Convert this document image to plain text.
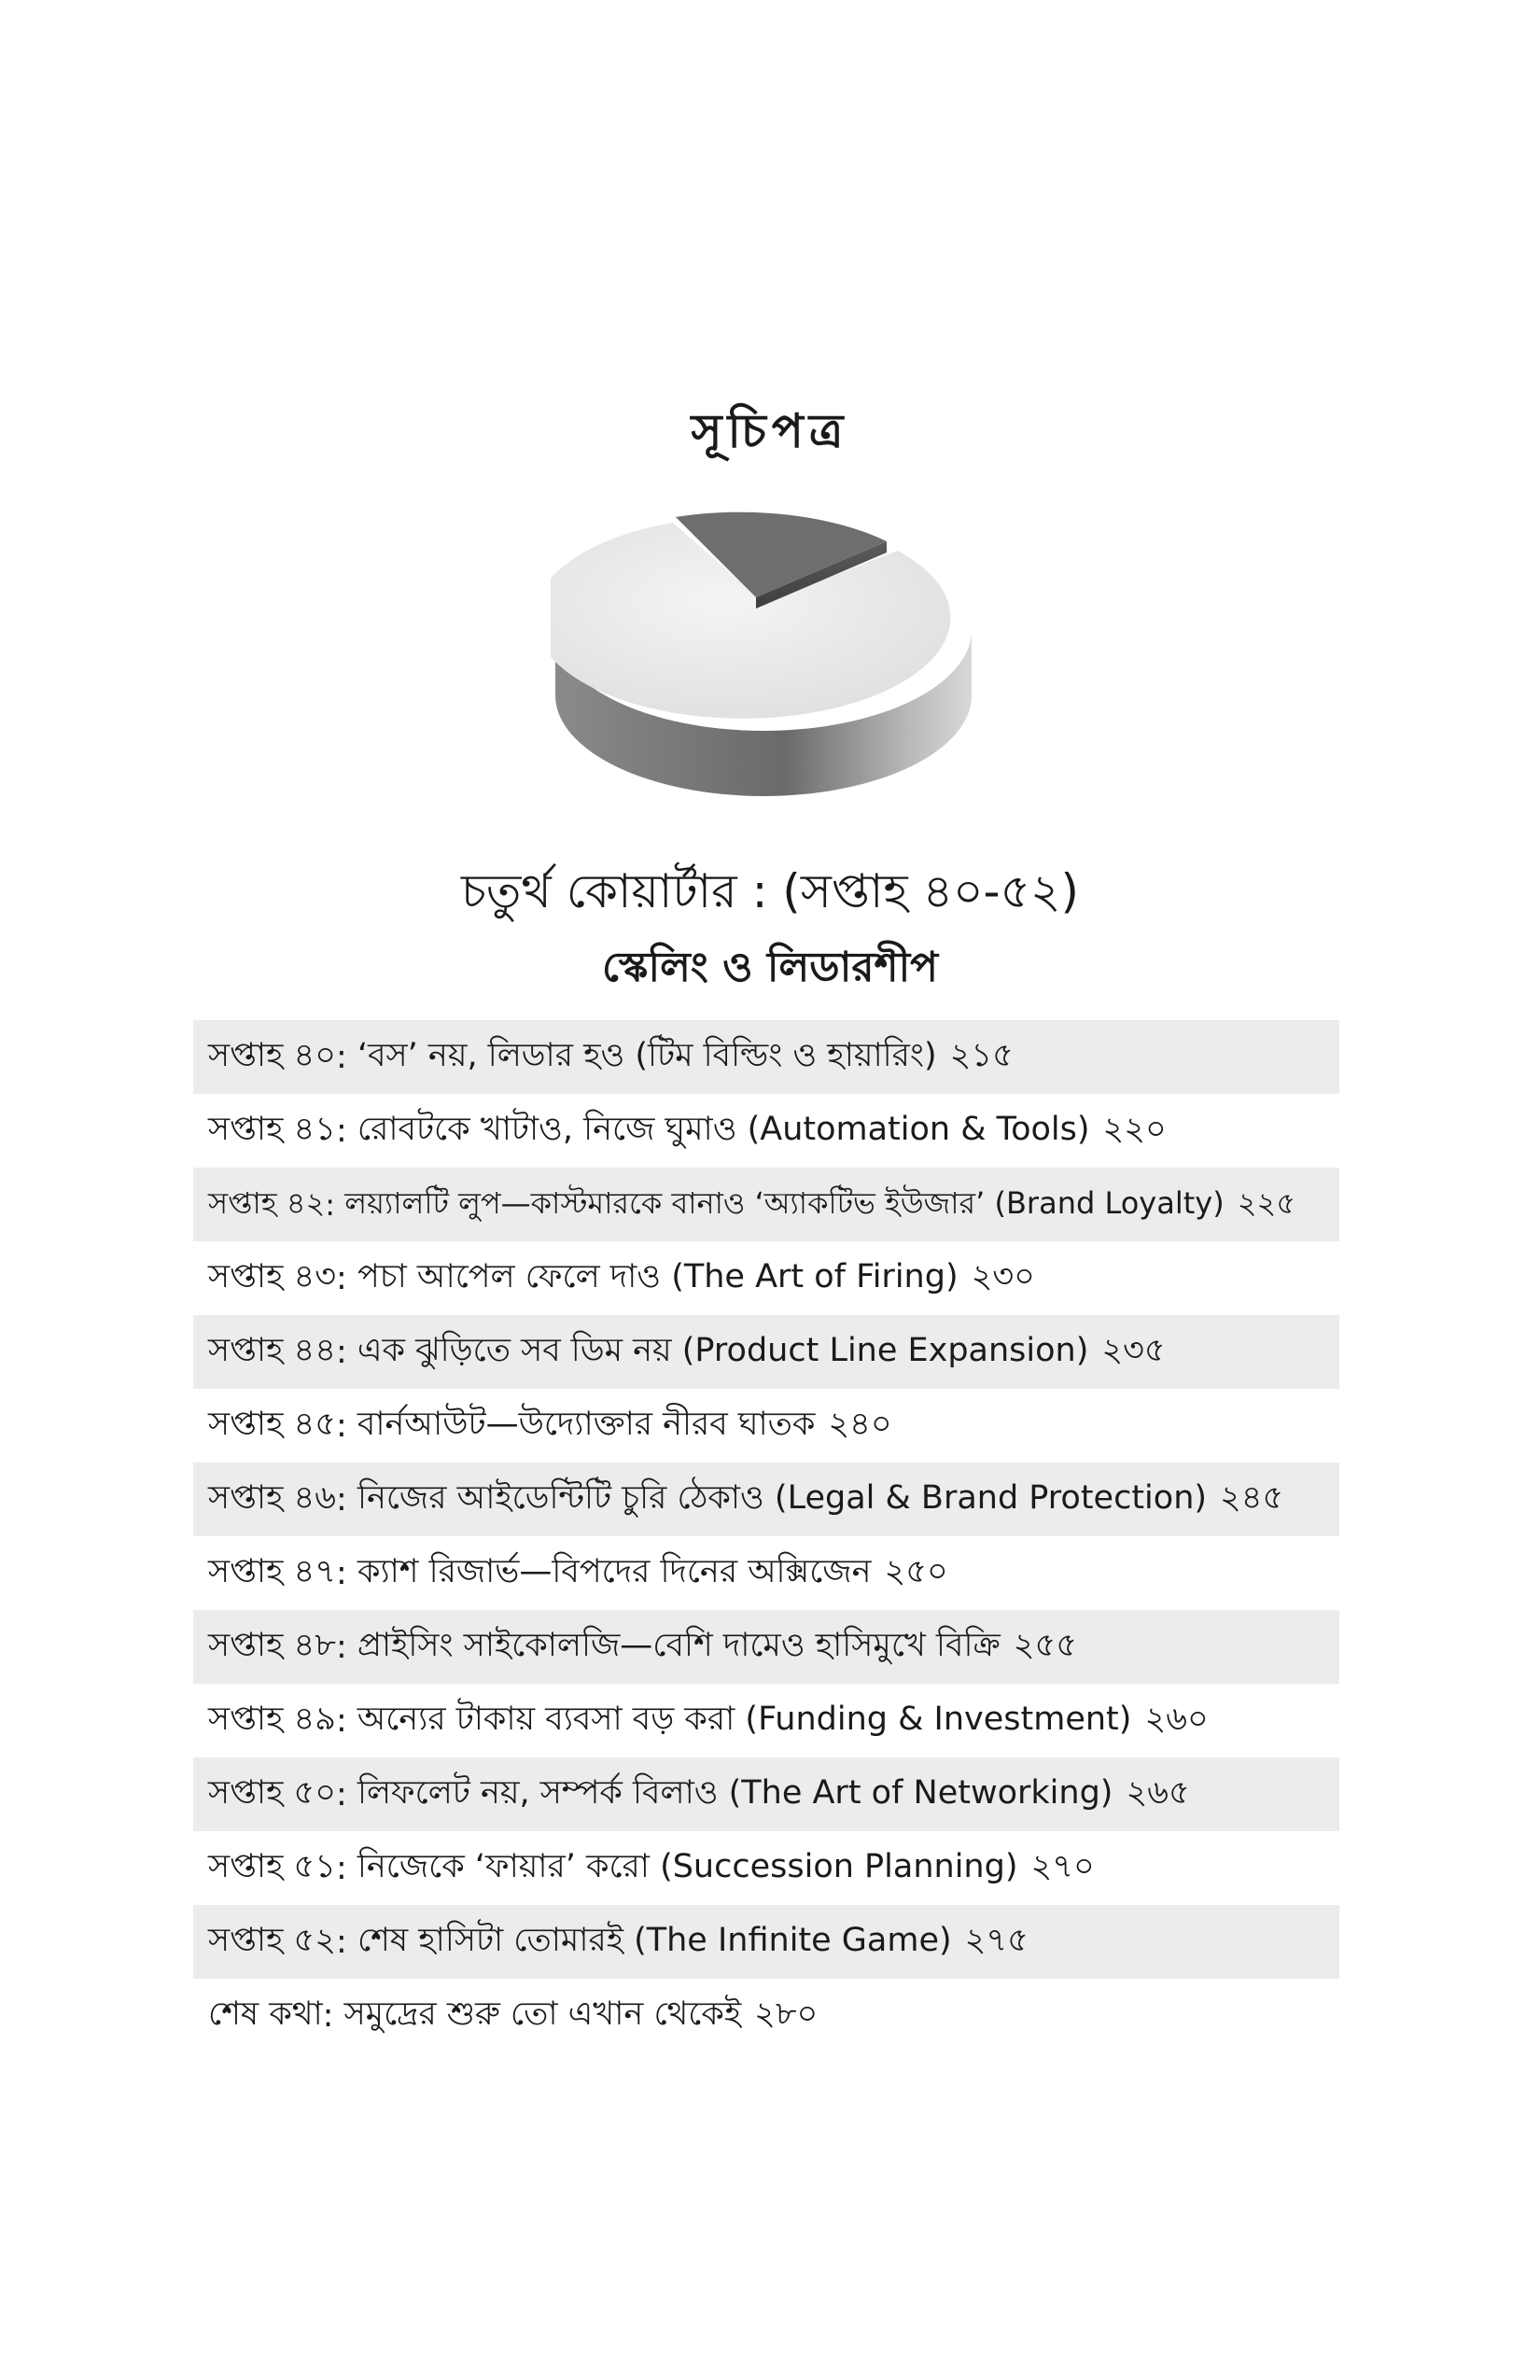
সূচিপত্র
চতুর্থ কোয়ার্টার : (সপ্তাহ ৪০-৫২)
স্কেলিং ও লিডারশীপ
সপ্তাহ ৪০ : ‘বস’ নয়, লিডার হও (টিম বিল্ডিং ও হায়ারিং) ২১৫
সপ্তাহ ৪১ : রোবটকে খাটাও, নিজে ঘুমাও (Automation & Tools) ২২০
সপ্তাহ ৪২ : লয়্যালটি লুপ—কাস্টমারকে বানাও ‘অ্যাকটিভ ইউজার’ (Brand Loyalty) ২২৫
সপ্তাহ ৪৩ : পচা আপেল ফেলে দাও (The Art of Firing) ২৩০
সপ্তাহ ৪৪ : এক ঝুড়িতে সব ডিম নয় (Product Line Expansion) ২৩৫
সপ্তাহ ৪৫ : বার্নআউট—উদ্যোক্তার নীরব ঘাতক ২৪০
সপ্তাহ ৪৬ : নিজের আইডেন্টিটি চুরি ঠেকাও (Legal & Brand Protection) ২৪৫
সপ্তাহ ৪৭ : ক্যাশ রিজার্ভ—বিপদের দিনের অক্সিজেন ২৫০
সপ্তাহ ৪৮ : প্রাইসিং সাইকোলজি—বেশি দামেও হাসিমুখে বিক্রি ২৫৫
সপ্তাহ ৪৯ : অন্যের টাকায় ব্যবসা বড় করা (Funding & Investment) ২৬০
সপ্তাহ ৫০ : লিফলেট নয়, সম্পর্ক বিলাও (The Art of Networking) ২৬৫
সপ্তাহ ৫১ : নিজেকে ‘ফায়ার’ করো (Succession Planning) ২৭০
সপ্তাহ ৫২ : শেষ হাসিটা তোমারই (The Infinite Game) ২৭৫
শেষ কথা : সমুদ্রের শুরু তো এখান থেকেই ২৮০
